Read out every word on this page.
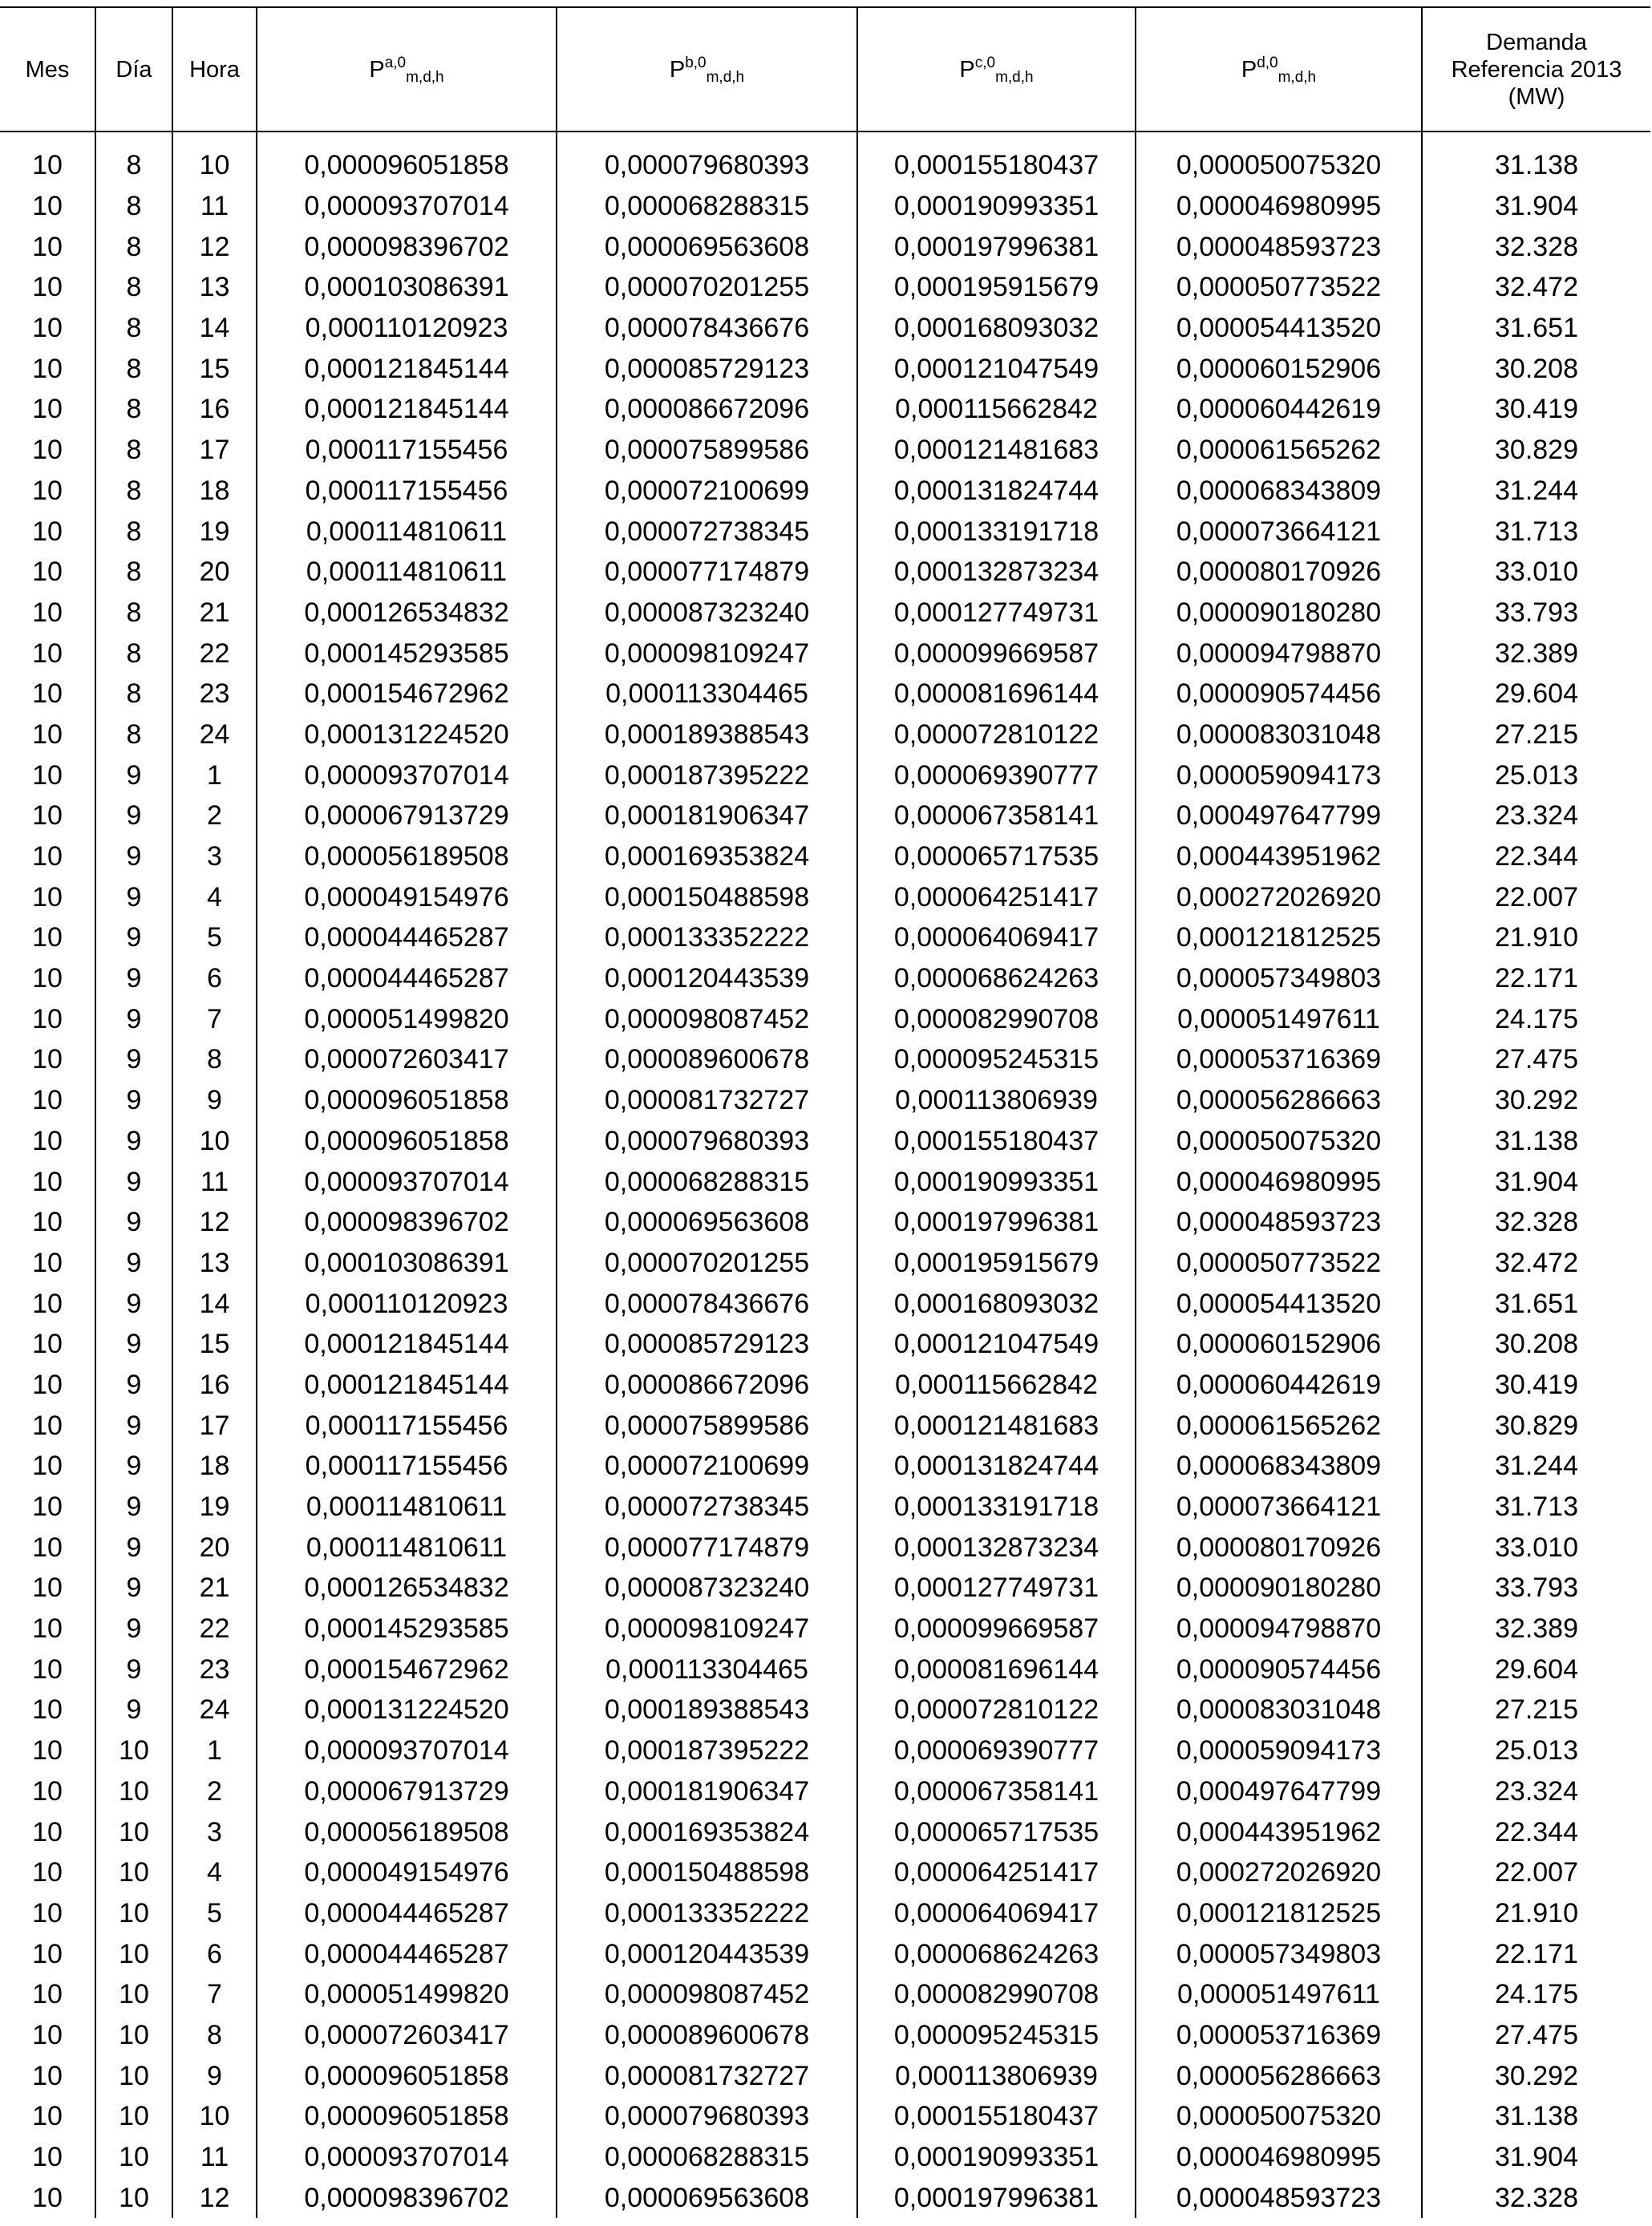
Mes	Día	Hora	P$^{a,0}_{m,d,h}$	P$^{b,0}_{m,d,h}$	P$^{c,0}_{m,d,h}$	P$^{d,0}_{m,d,h}$	Demanda
Referencia 2013
(MW)

10	8	10	0,000096051858	0,000079680393	0,000155180437	0,000050075320	31.138
10	8	11	0,000093707014	0,000068288315	0,000190993351	0,000046980995	31.904
10	8	12	0,000098396702	0,000069563608	0,000197996381	0,000048593723	32.328
10	8	13	0,000103086391	0,000070201255	0,000195915679	0,000050773522	32.472
10	8	14	0,000110120923	0,000078436676	0,000168093032	0,000054413520	31.651
10	8	15	0,000121845144	0,000085729123	0,000121047549	0,000060152906	30.208
10	8	16	0,000121845144	0,000086672096	0,000115662842	0,000060442619	30.419
10	8	17	0,000117155456	0,000075899586	0,000121481683	0,000061565262	30.829
10	8	18	0,000117155456	0,000072100699	0,000131824744	0,000068343809	31.244
10	8	19	0,000114810611	0,000072738345	0,000133191718	0,000073664121	31.713
10	8	20	0,000114810611	0,000077174879	0,000132873234	0,000080170926	33.010
10	8	21	0,000126534832	0,000087323240	0,000127749731	0,000090180280	33.793
10	8	22	0,000145293585	0,000098109247	0,000099669587	0,000094798870	32.389
10	8	23	0,000154672962	0,000113304465	0,000081696144	0,000090574456	29.604
10	8	24	0,000131224520	0,000189388543	0,000072810122	0,000083031048	27.215
10	9	1	0,000093707014	0,000187395222	0,000069390777	0,000059094173	25.013
10	9	2	0,000067913729	0,000181906347	0,000067358141	0,000497647799	23.324
10	9	3	0,000056189508	0,000169353824	0,000065717535	0,000443951962	22.344
10	9	4	0,000049154976	0,000150488598	0,000064251417	0,000272026920	22.007
10	9	5	0,000044465287	0,000133352222	0,000064069417	0,000121812525	21.910
10	9	6	0,000044465287	0,000120443539	0,000068624263	0,000057349803	22.171
10	9	7	0,000051499820	0,000098087452	0,000082990708	0,000051497611	24.175
10	9	8	0,000072603417	0,000089600678	0,000095245315	0,000053716369	27.475
10	9	9	0,000096051858	0,000081732727	0,000113806939	0,000056286663	30.292
10	9	10	0,000096051858	0,000079680393	0,000155180437	0,000050075320	31.138
10	9	11	0,000093707014	0,000068288315	0,000190993351	0,000046980995	31.904
10	9	12	0,000098396702	0,000069563608	0,000197996381	0,000048593723	32.328
10	9	13	0,000103086391	0,000070201255	0,000195915679	0,000050773522	32.472
10	9	14	0,000110120923	0,000078436676	0,000168093032	0,000054413520	31.651
10	9	15	0,000121845144	0,000085729123	0,000121047549	0,000060152906	30.208
10	9	16	0,000121845144	0,000086672096	0,000115662842	0,000060442619	30.419
10	9	17	0,000117155456	0,000075899586	0,000121481683	0,000061565262	30.829
10	9	18	0,000117155456	0,000072100699	0,000131824744	0,000068343809	31.244
10	9	19	0,000114810611	0,000072738345	0,000133191718	0,000073664121	31.713
10	9	20	0,000114810611	0,000077174879	0,000132873234	0,000080170926	33.010
10	9	21	0,000126534832	0,000087323240	0,000127749731	0,000090180280	33.793
10	9	22	0,000145293585	0,000098109247	0,000099669587	0,000094798870	32.389
10	9	23	0,000154672962	0,000113304465	0,000081696144	0,000090574456	29.604
10	9	24	0,000131224520	0,000189388543	0,000072810122	0,000083031048	27.215
10	10	1	0,000093707014	0,000187395222	0,000069390777	0,000059094173	25.013
10	10	2	0,000067913729	0,000181906347	0,000067358141	0,000497647799	23.324
10	10	3	0,000056189508	0,000169353824	0,000065717535	0,000443951962	22.344
10	10	4	0,000049154976	0,000150488598	0,000064251417	0,000272026920	22.007
10	10	5	0,000044465287	0,000133352222	0,000064069417	0,000121812525	21.910
10	10	6	0,000044465287	0,000120443539	0,000068624263	0,000057349803	22.171
10	10	7	0,000051499820	0,000098087452	0,000082990708	0,000051497611	24.175
10	10	8	0,000072603417	0,000089600678	0,000095245315	0,000053716369	27.475
10	10	9	0,000096051858	0,000081732727	0,000113806939	0,000056286663	30.292
10	10	10	0,000096051858	0,000079680393	0,000155180437	0,000050075320	31.138
10	10	11	0,000093707014	0,000068288315	0,000190993351	0,000046980995	31.904
10	10	12	0,000098396702	0,000069563608	0,000197996381	0,000048593723	32.328
